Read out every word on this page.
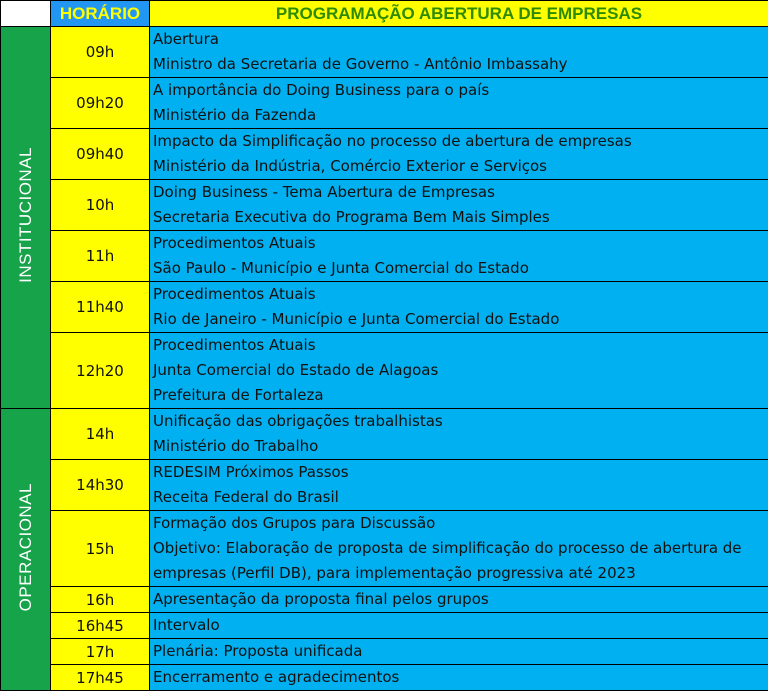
	HORÁRIO	PROGRAMAÇÃO ABERTURA DE EMPRESAS
INSTITUCIONAL	09h	Abertura
Ministro da Secretaria de Governo - Antônio Imbassahy

	09h20	A importância do Doing Business para o país
Ministério da Fazenda

	09h40	Impacto da Simplificação no processo de abertura de empresas
Ministério da Indústria, Comércio Exterior e Serviços

	10h	Doing Business - Tema Abertura de Empresas
Secretaria Executiva do Programa Bem Mais Simples

	11h	Procedimentos Atuais
São Paulo - Município e Junta Comercial do Estado

	11h40	Procedimentos Atuais
Rio de Janeiro - Município e Junta Comercial do Estado

	12h20	Procedimentos Atuais
Junta Comercial do Estado de Alagoas
Prefeitura de Fortaleza

OPERACIONAL	14h	Unificação das obrigações trabalhistas
Ministério do Trabalho

	14h30	REDESIM Próximos Passos
Receita Federal do Brasil

	15h	Formação dos Grupos para Discussão
Objetivo: Elaboração de proposta de simplificação do processo de abertura de
empresas (Perfil DB), para implementação progressiva até 2023

	16h	Apresentação da proposta final pelos grupos

	16h45	Intervalo

	17h	Plenária: Proposta unificada

	17h45	Encerramento e agradecimentos
